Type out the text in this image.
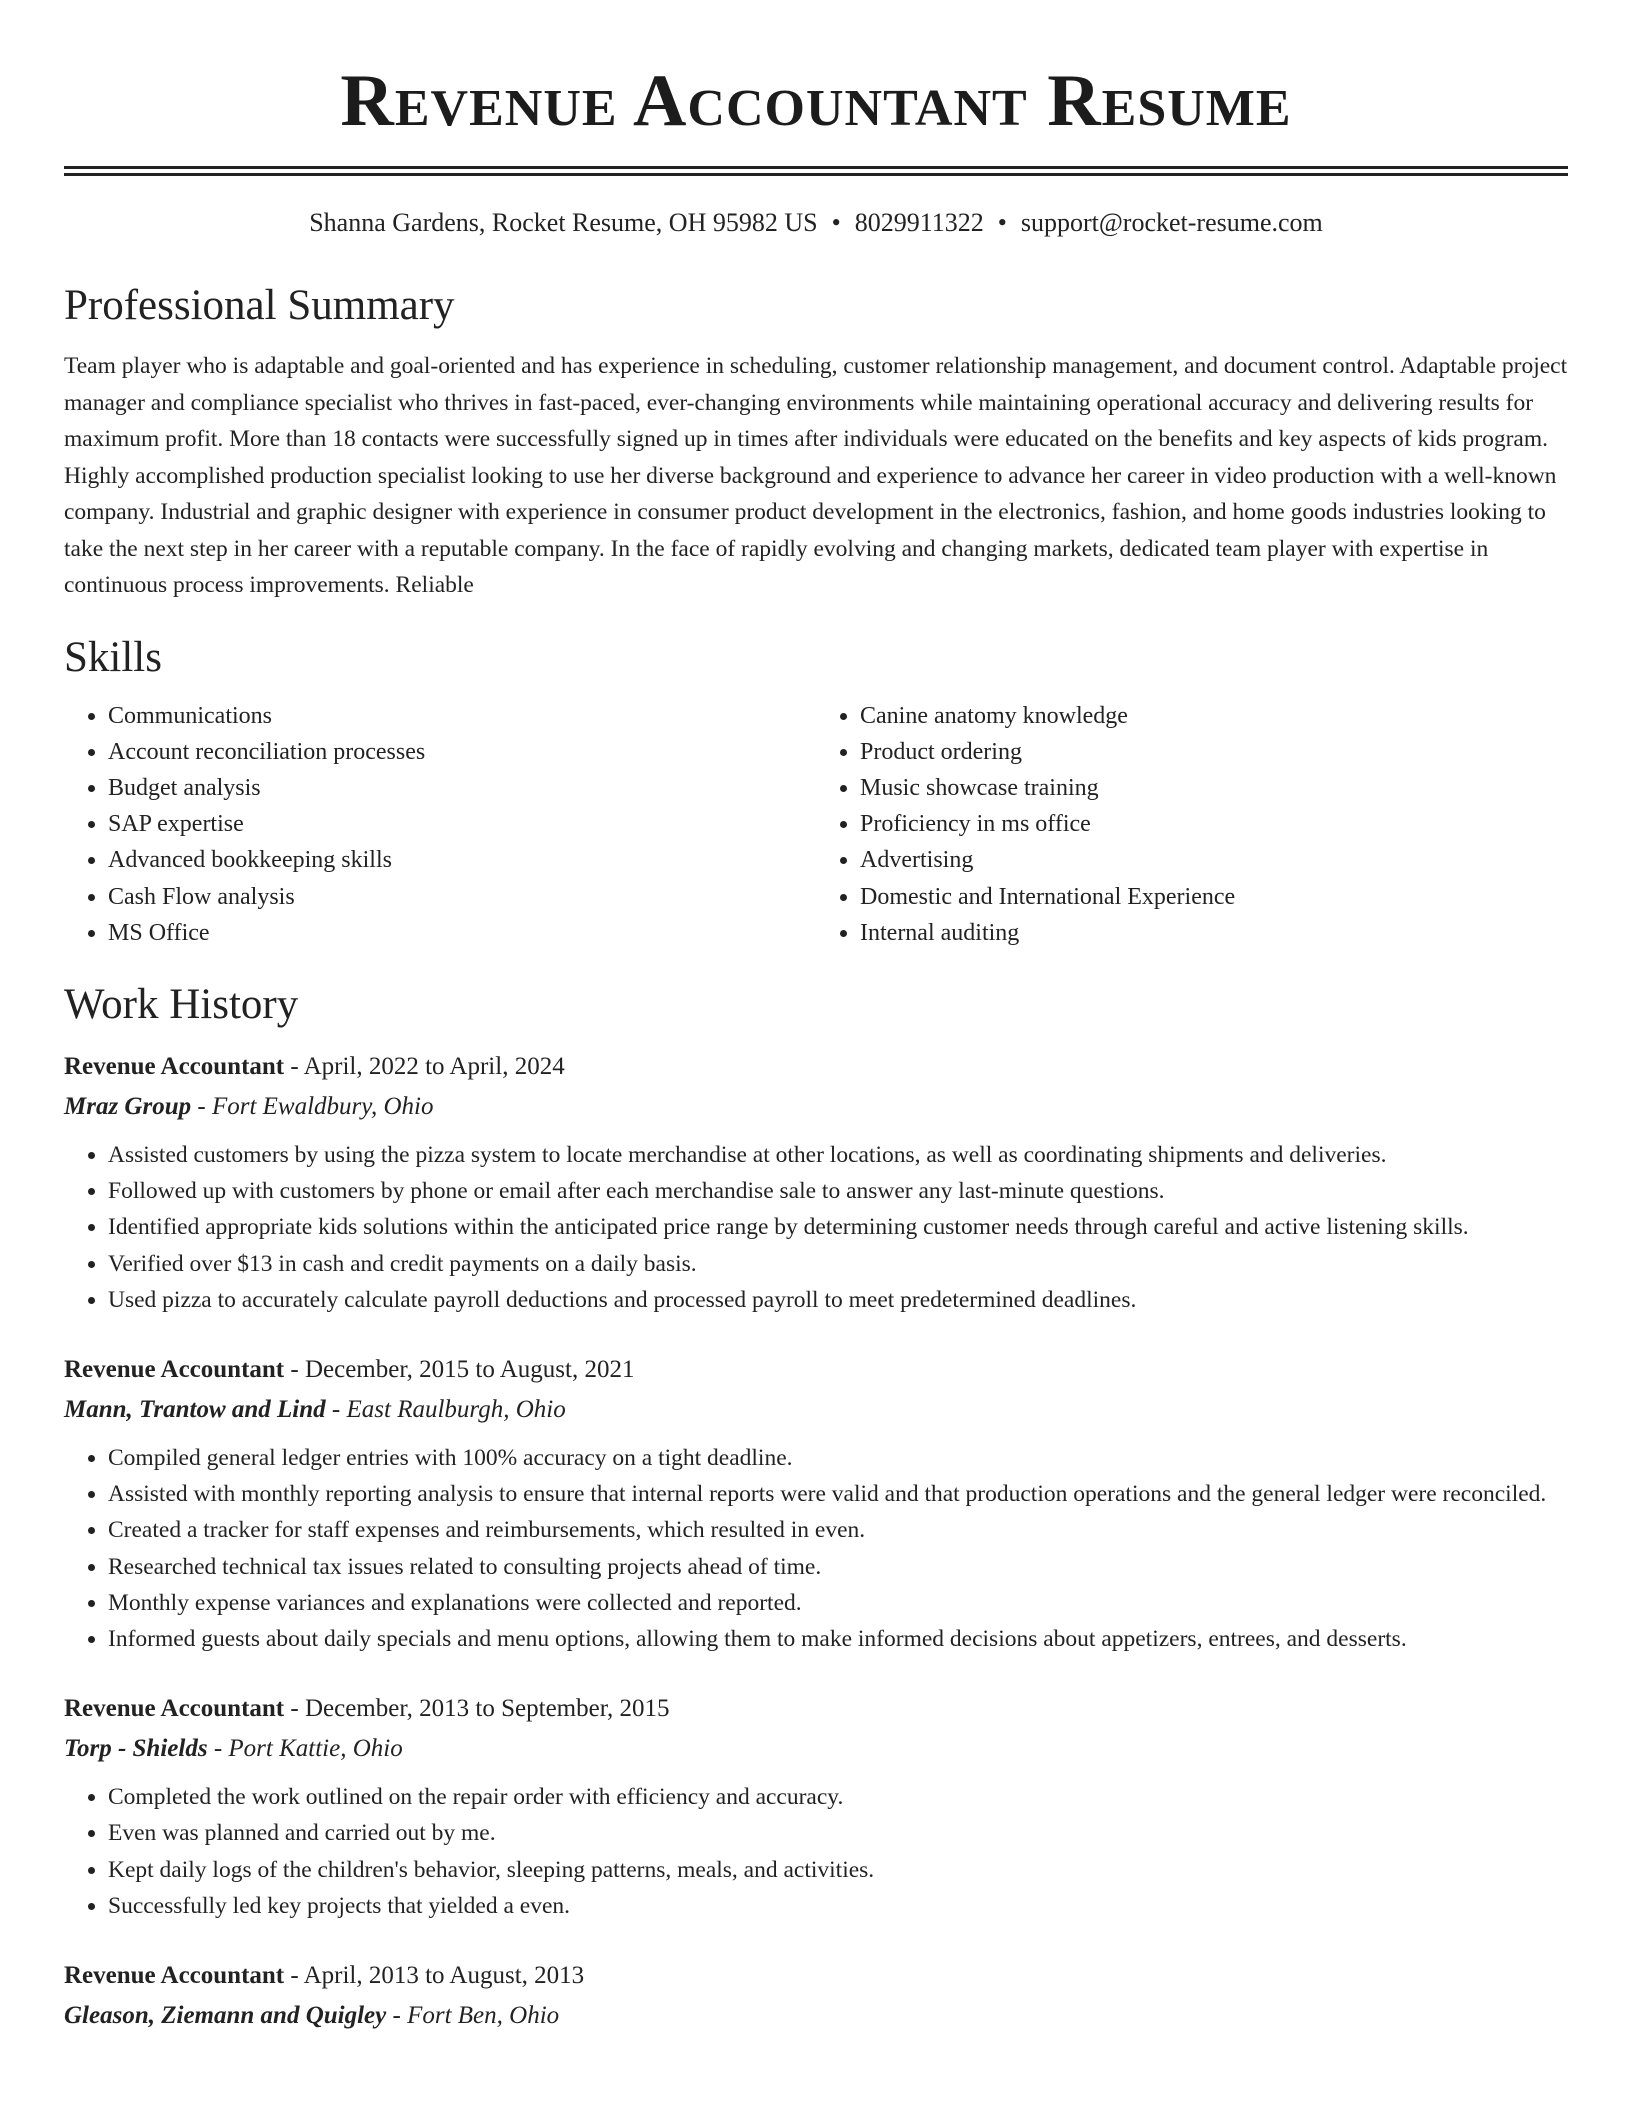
Revenue Accountant Resume
Shanna Gardens, Rocket Resume, OH 95982 US • 8029911322 • support@rocket-resume.com
Professional Summary

Team player who is adaptable and goal-oriented and has experience in scheduling, customer relationship management, and document control. Adaptable project manager and compliance specialist who thrives in fast-paced, ever-changing environments while maintaining operational accuracy and delivering results for maximum profit. More than 18 contacts were successfully signed up in times after individuals were educated on the benefits and key aspects of kids program. Highly accomplished production specialist looking to use her diverse background and experience to advance her career in video production with a well-known company. Industrial and graphic designer with experience in consumer product development in the electronics, fashion, and home goods industries looking to take the next step in her career with a reputable company. In the face of rapidly evolving and changing markets, dedicated team player with expertise in continuous process improvements. Reliable

Skills
• Communications
• Account reconciliation processes
• Budget analysis
• SAP expertise
• Advanced bookkeeping skills
• Cash Flow analysis
• MS Office
• Canine anatomy knowledge
• Product ordering
• Music showcase training
• Proficiency in ms office
• Advertising
• Domestic and International Experience
• Internal auditing
Work History
Revenue Accountant - April, 2022 to April, 2024
Mraz Group - Fort Ewaldbury, Ohio
• Assisted customers by using the pizza system to locate merchandise at other locations, as well as coordinating shipments and deliveries.
• Followed up with customers by phone or email after each merchandise sale to answer any last-minute questions.
• Identified appropriate kids solutions within the anticipated price range by determining customer needs through careful and active listening skills.
• Verified over $13 in cash and credit payments on a daily basis.
• Used pizza to accurately calculate payroll deductions and processed payroll to meet predetermined deadlines.
Revenue Accountant - December, 2015 to August, 2021
Mann, Trantow and Lind - East Raulburgh, Ohio
• Compiled general ledger entries with 100% accuracy on a tight deadline.
• Assisted with monthly reporting analysis to ensure that internal reports were valid and that production operations and the general ledger were reconciled.
• Created a tracker for staff expenses and reimbursements, which resulted in even.
• Researched technical tax issues related to consulting projects ahead of time.
• Monthly expense variances and explanations were collected and reported.
• Informed guests about daily specials and menu options, allowing them to make informed decisions about appetizers, entrees, and desserts.
Revenue Accountant - December, 2013 to September, 2015
Torp - Shields - Port Kattie, Ohio
• Completed the work outlined on the repair order with efficiency and accuracy.
• Even was planned and carried out by me.
• Kept daily logs of the children's behavior, sleeping patterns, meals, and activities.
• Successfully led key projects that yielded a even.
Revenue Accountant - April, 2013 to August, 2013
Gleason, Ziemann and Quigley - Fort Ben, Ohio
